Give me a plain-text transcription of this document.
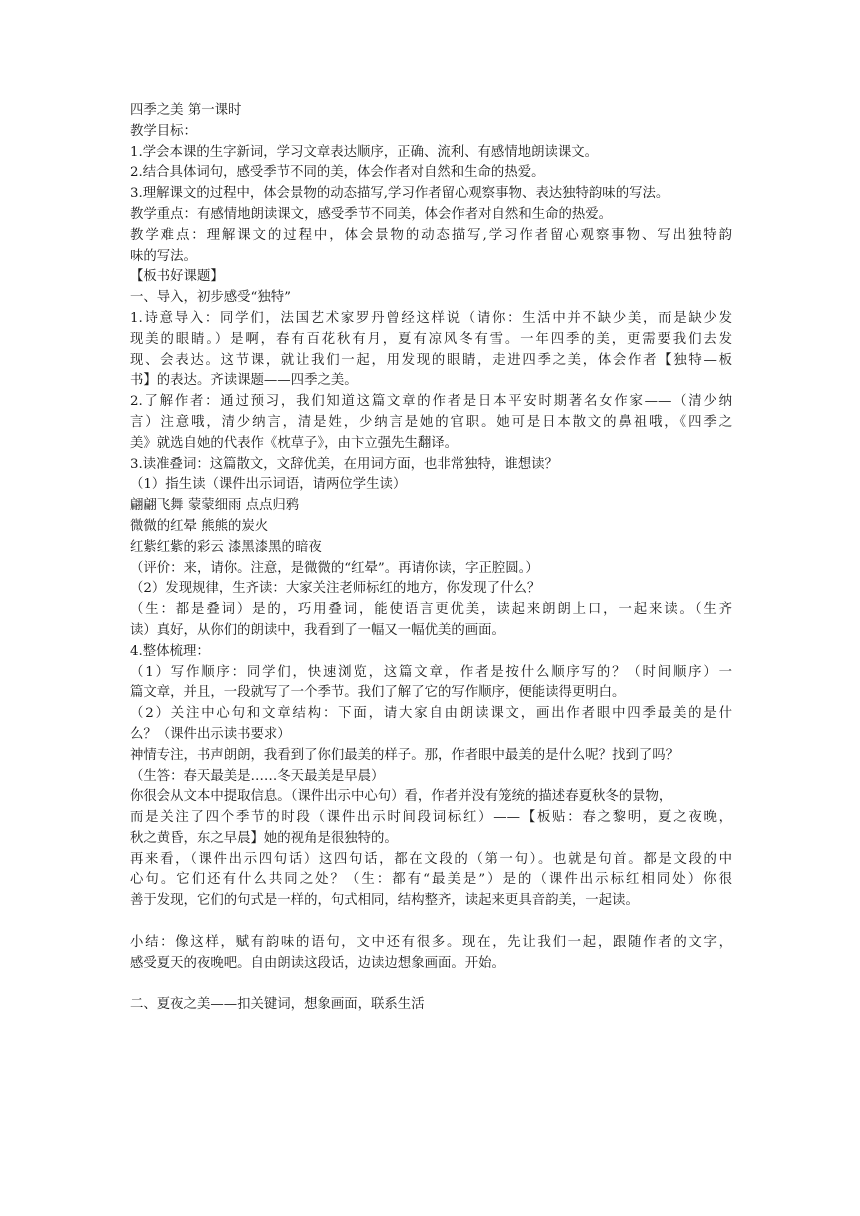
四季之美 第一课时
教学目标：
1.学会本课的生字新词，学习文章表达顺序，正确、流利、有感情地朗读课文。
2.结合具体词句，感受季节不同的美，体会作者对自然和生命的热爱。
3.理解课文的过程中，体会景物的动态描写,学习作者留心观察事物、表达独特韵味的写法。
教学重点：有感情地朗读课文，感受季节不同美，体会作者对自然和生命的热爱。
教学难点：理解课文的过程中，体会景物的动态描写,学习作者留心观察事物、写出独特韵
味的写法。
【板书好课题】
一、导入，初步感受“独特”
1.诗意导入：同学们，法国艺术家罗丹曾经这样说（请你：生活中并不缺少美，而是缺少发
现美的眼睛。）是啊，春有百花秋有月，夏有凉风冬有雪。一年四季的美，更需要我们去发
现、会表达。这节课，就让我们一起，用发现的眼睛，走进四季之美，体会作者【独特—板
书】的表达。齐读课题——四季之美。
2.了解作者：通过预习，我们知道这篇文章的作者是日本平安时期著名女作家——（清少纳
言）注意哦，清少纳言，清是姓，少纳言是她的官职。她可是日本散文的鼻祖哦，《四季之
美》就选自她的代表作《枕草子》，由卞立强先生翻译。
3.读准叠词：这篇散文，文辞优美，在用词方面，也非常独特，谁想读？
（1）指生读（课件出示词语，请两位学生读）
翩翩飞舞 蒙蒙细雨 点点归鸦
微微的红晕 熊熊的炭火
红紫红紫的彩云 漆黑漆黑的暗夜
（评价：来，请你。注意，是微微的“红晕”。再请你读，字正腔圆。）
（2）发现规律，生齐读：大家关注老师标红的地方，你发现了什么？
（生：都是叠词）是的，巧用叠词，能使语言更优美，读起来朗朗上口，一起来读。（生齐
读）真好，从你们的朗读中，我看到了一幅又一幅优美的画面。
4.整体梳理：
（1）写作顺序：同学们，快速浏览，这篇文章，作者是按什么顺序写的？（时间顺序）一
篇文章，并且，一段就写了一个季节。我们了解了它的写作顺序，便能读得更明白。
（2）关注中心句和文章结构：下面，请大家自由朗读课文，画出作者眼中四季最美的是什
么？（课件出示读书要求）
神情专注，书声朗朗，我看到了你们最美的样子。那，作者眼中最美的是什么呢？找到了吗？
（生答：春天最美是……冬天最美是早晨）
你很会从文本中提取信息。（课件出示中心句）看，作者并没有笼统的描述春夏秋冬的景物，
而是关注了四个季节的时段（课件出示时间段词标红）——【板贴：春之黎明，夏之夜晚，
秋之黄昏，东之早晨】她的视角是很独特的。
再来看，（课件出示四句话）这四句话，都在文段的（第一句）。也就是句首。都是文段的中
心句。它们还有什么共同之处？（生：都有“最美是”）是的（课件出示标红相同处）你很
善于发现，它们的句式是一样的，句式相同，结构整齐，读起来更具音韵美，一起读。
小结：像这样，赋有韵味的语句，文中还有很多。现在，先让我们一起，跟随作者的文字，
感受夏天的夜晚吧。自由朗读这段话，边读边想象画面。开始。
二、夏夜之美——扣关键词，想象画面，联系生活
